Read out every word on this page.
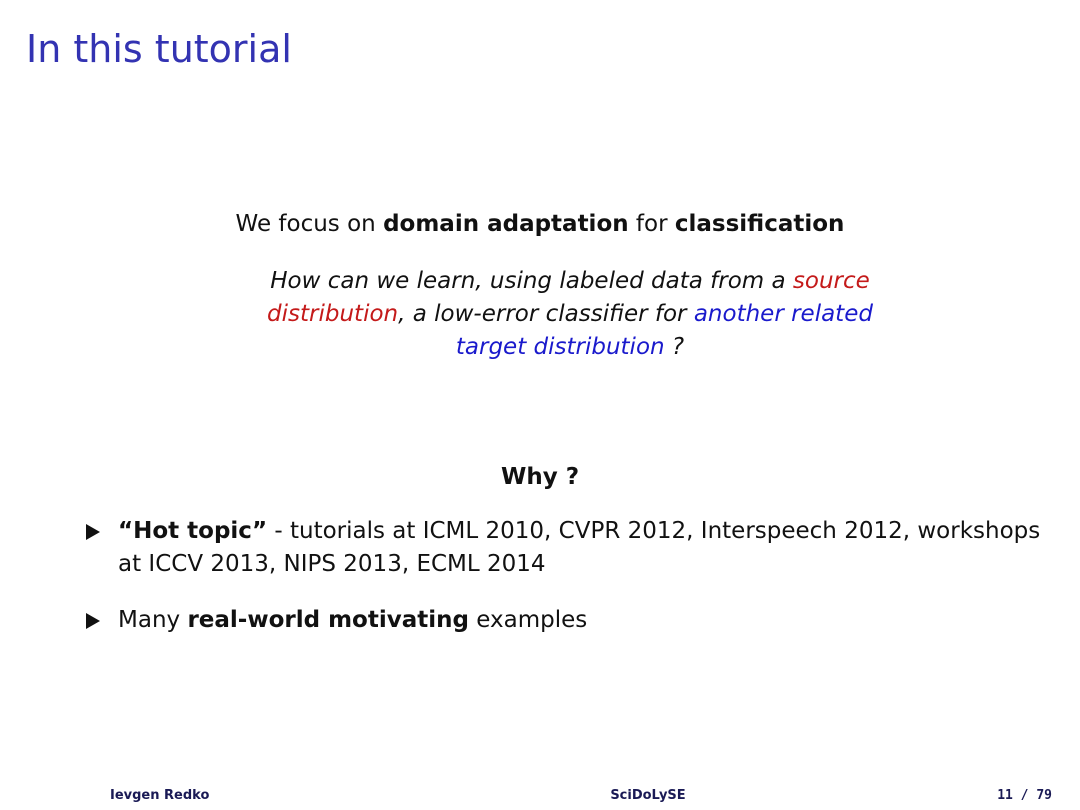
In this tutorial
We focus on domain adaptation for classification
How can we learn, using labeled data from a source distribution, a low-error classifier for another related target distribution ?
Why ?
“Hot topic” - tutorials at ICML 2010, CVPR 2012, Interspeech 2012, workshops at ICCV 2013, NIPS 2013, ECML 2014
Many real-world motivating examples
Ievgen Redko	SciDoLySE	11 / 79
